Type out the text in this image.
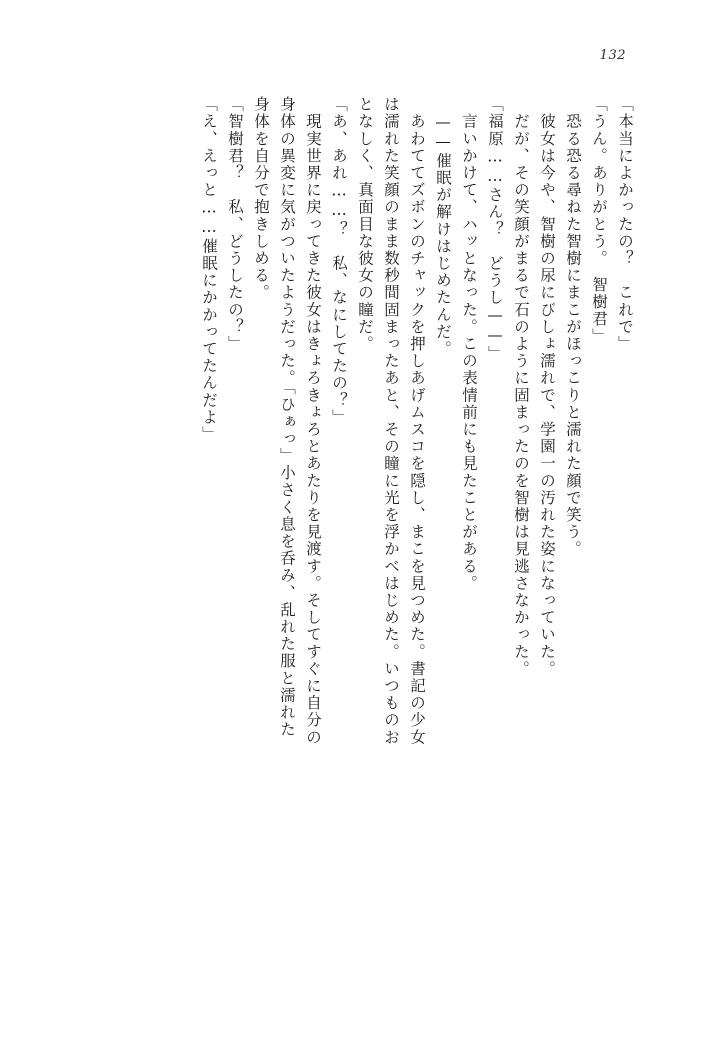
132
「本当によかったの？　これで」
「うん。ありがとう。　智樹君」
　恐る恐る尋ねた智樹にまこがほっこりと濡れた顔で笑う。
　彼女は今や、智樹の尿にびしょ濡れで、学園一の汚れた姿になっていた。
　だが、その笑顔がまるで石のように固まったのを智樹は見逃さなかった。
「福原……さん？　どうし——」
　言いかけて、ハッとなった。この表情前にも見たことがある。
　——催眠が解けはじめたんだ。
　あわててズボンのチャックを押しあげムスコを隠し、まこを見つめた。書記の少女
は濡れた笑顔のまま数秒間固まったあと、その瞳に光を浮かべはじめた。いつものお
となしく、真面目な彼女の瞳だ。
「あ、あれ……？　私、なにしてたの？」
　現実世界に戻ってきた彼女はきょろきょろとあたりを見渡す。そしてすぐに自分の
身体の異変に気がついたようだった。「ひぁっ」小さく息を呑み、乱れた服と濡れた
身体を自分で抱きしめる。
「智樹君？　私、どうしたの？」
「え、えっと……催眠にかかってたんだよ」
